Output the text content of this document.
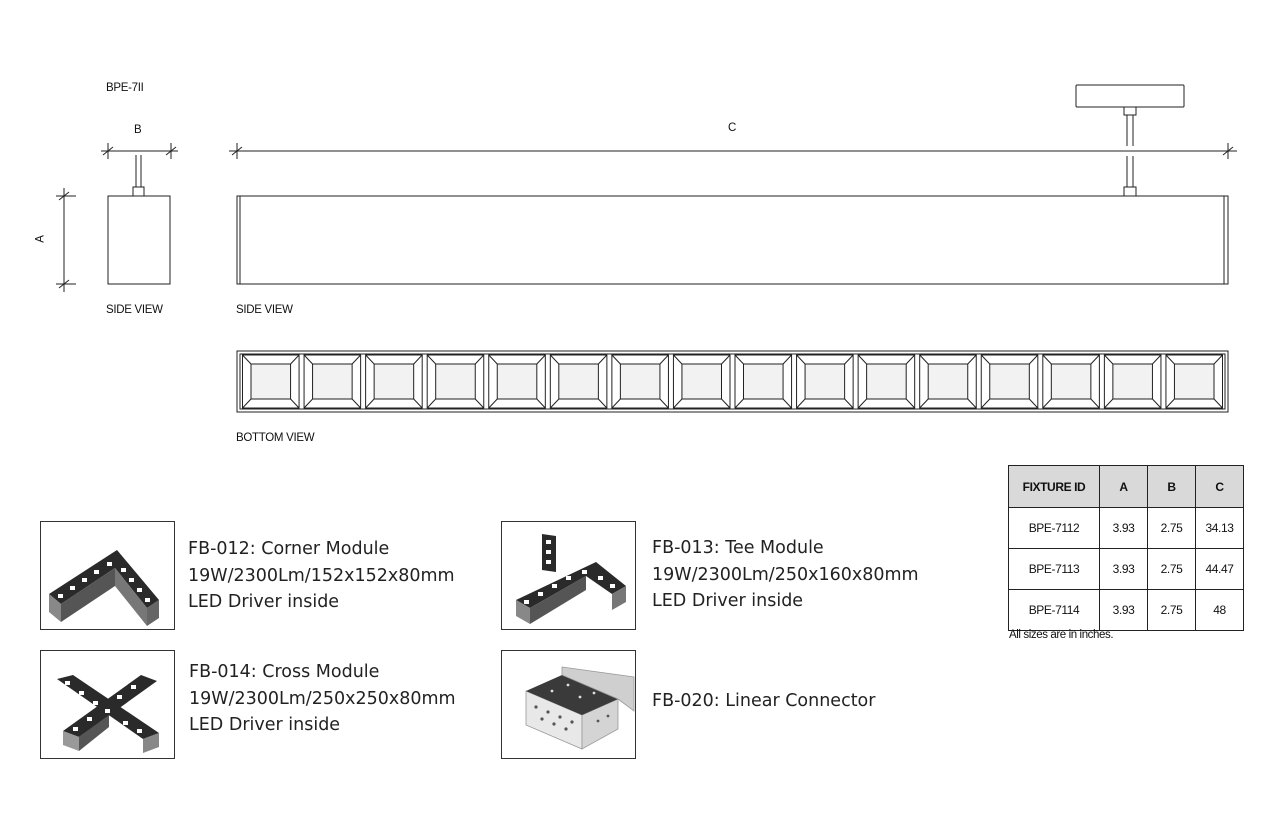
BPE-7II
B	C
A
SIDE VIEW	SIDE VIEW
BOTTOM VIEW
FB-012: Corner Module
19W/2300Lm/152x152x80mm
LED Driver inside
FB-013: Tee Module
19W/2300Lm/250x160x80mm
LED Driver inside
FB-014: Cross Module
19W/2300Lm/250x250x80mm
LED Driver inside
FB-020: Linear Connector
FIXTURE ID	A	B	C
BPE-7112	3.93	2.75	34.13
BPE-7113	3.93	2.75	44.47
BPE-7114	3.93	2.75	48
All sizes are in inches.
